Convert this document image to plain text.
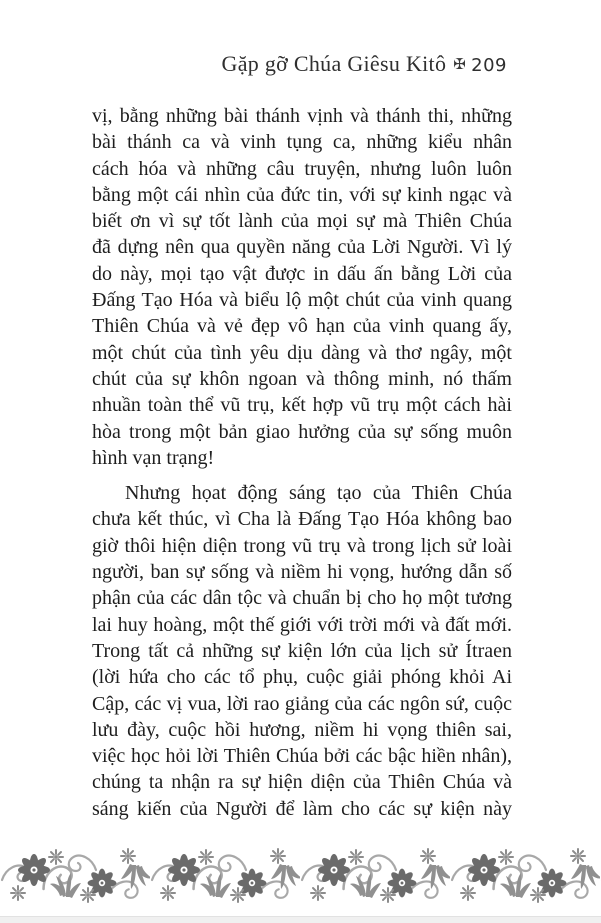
Gặp gỡ Chúa Giêsu Kitô ✠ 209
vị, bằng những bài thánh vịnh và thánh thi, những
bài thánh ca và vinh tụng ca, những kiểu nhân
cách hóa và những câu truyện, nhưng luôn luôn
bằng một cái nhìn của đức tin, với sự kinh ngạc và
biết ơn vì sự tốt lành của mọi sự mà Thiên Chúa
đã dựng nên qua quyền năng của Lời Người. Vì lý
do này, mọi tạo vật được in dấu ấn bằng Lời của
Đấng Tạo Hóa và biểu lộ một chút của vinh quang
Thiên Chúa và vẻ đẹp vô hạn của vinh quang ấy,
một chút của tình yêu dịu dàng và thơ ngây, một
chút của sự khôn ngoan và thông minh, nó thấm
nhuần toàn thể vũ trụ, kết hợp vũ trụ một cách hài
hòa trong một bản giao hưởng của sự sống muôn
hình vạn trạng!
Nhưng họat động sáng tạo của Thiên Chúa
chưa kết thúc, vì Cha là Đấng Tạo Hóa không bao
giờ thôi hiện diện trong vũ trụ và trong lịch sử loài
người, ban sự sống và niềm hi vọng, hướng dẫn số
phận của các dân tộc và chuẩn bị cho họ một tương
lai huy hoàng, một thế giới với trời mới và đất mới.
Trong tất cả những sự kiện lớn của lịch sử Ítraen
(lời hứa cho các tổ phụ, cuộc giải phóng khỏi Ai
Cập, các vị vua, lời rao giảng của các ngôn sứ, cuộc
lưu đày, cuộc hồi hương, niềm hi vọng thiên sai,
việc học hỏi lời Thiên Chúa bởi các bậc hiền nhân),
chúng ta nhận ra sự hiện diện của Thiên Chúa và
sáng kiến của Người để làm cho các sự kiện này
